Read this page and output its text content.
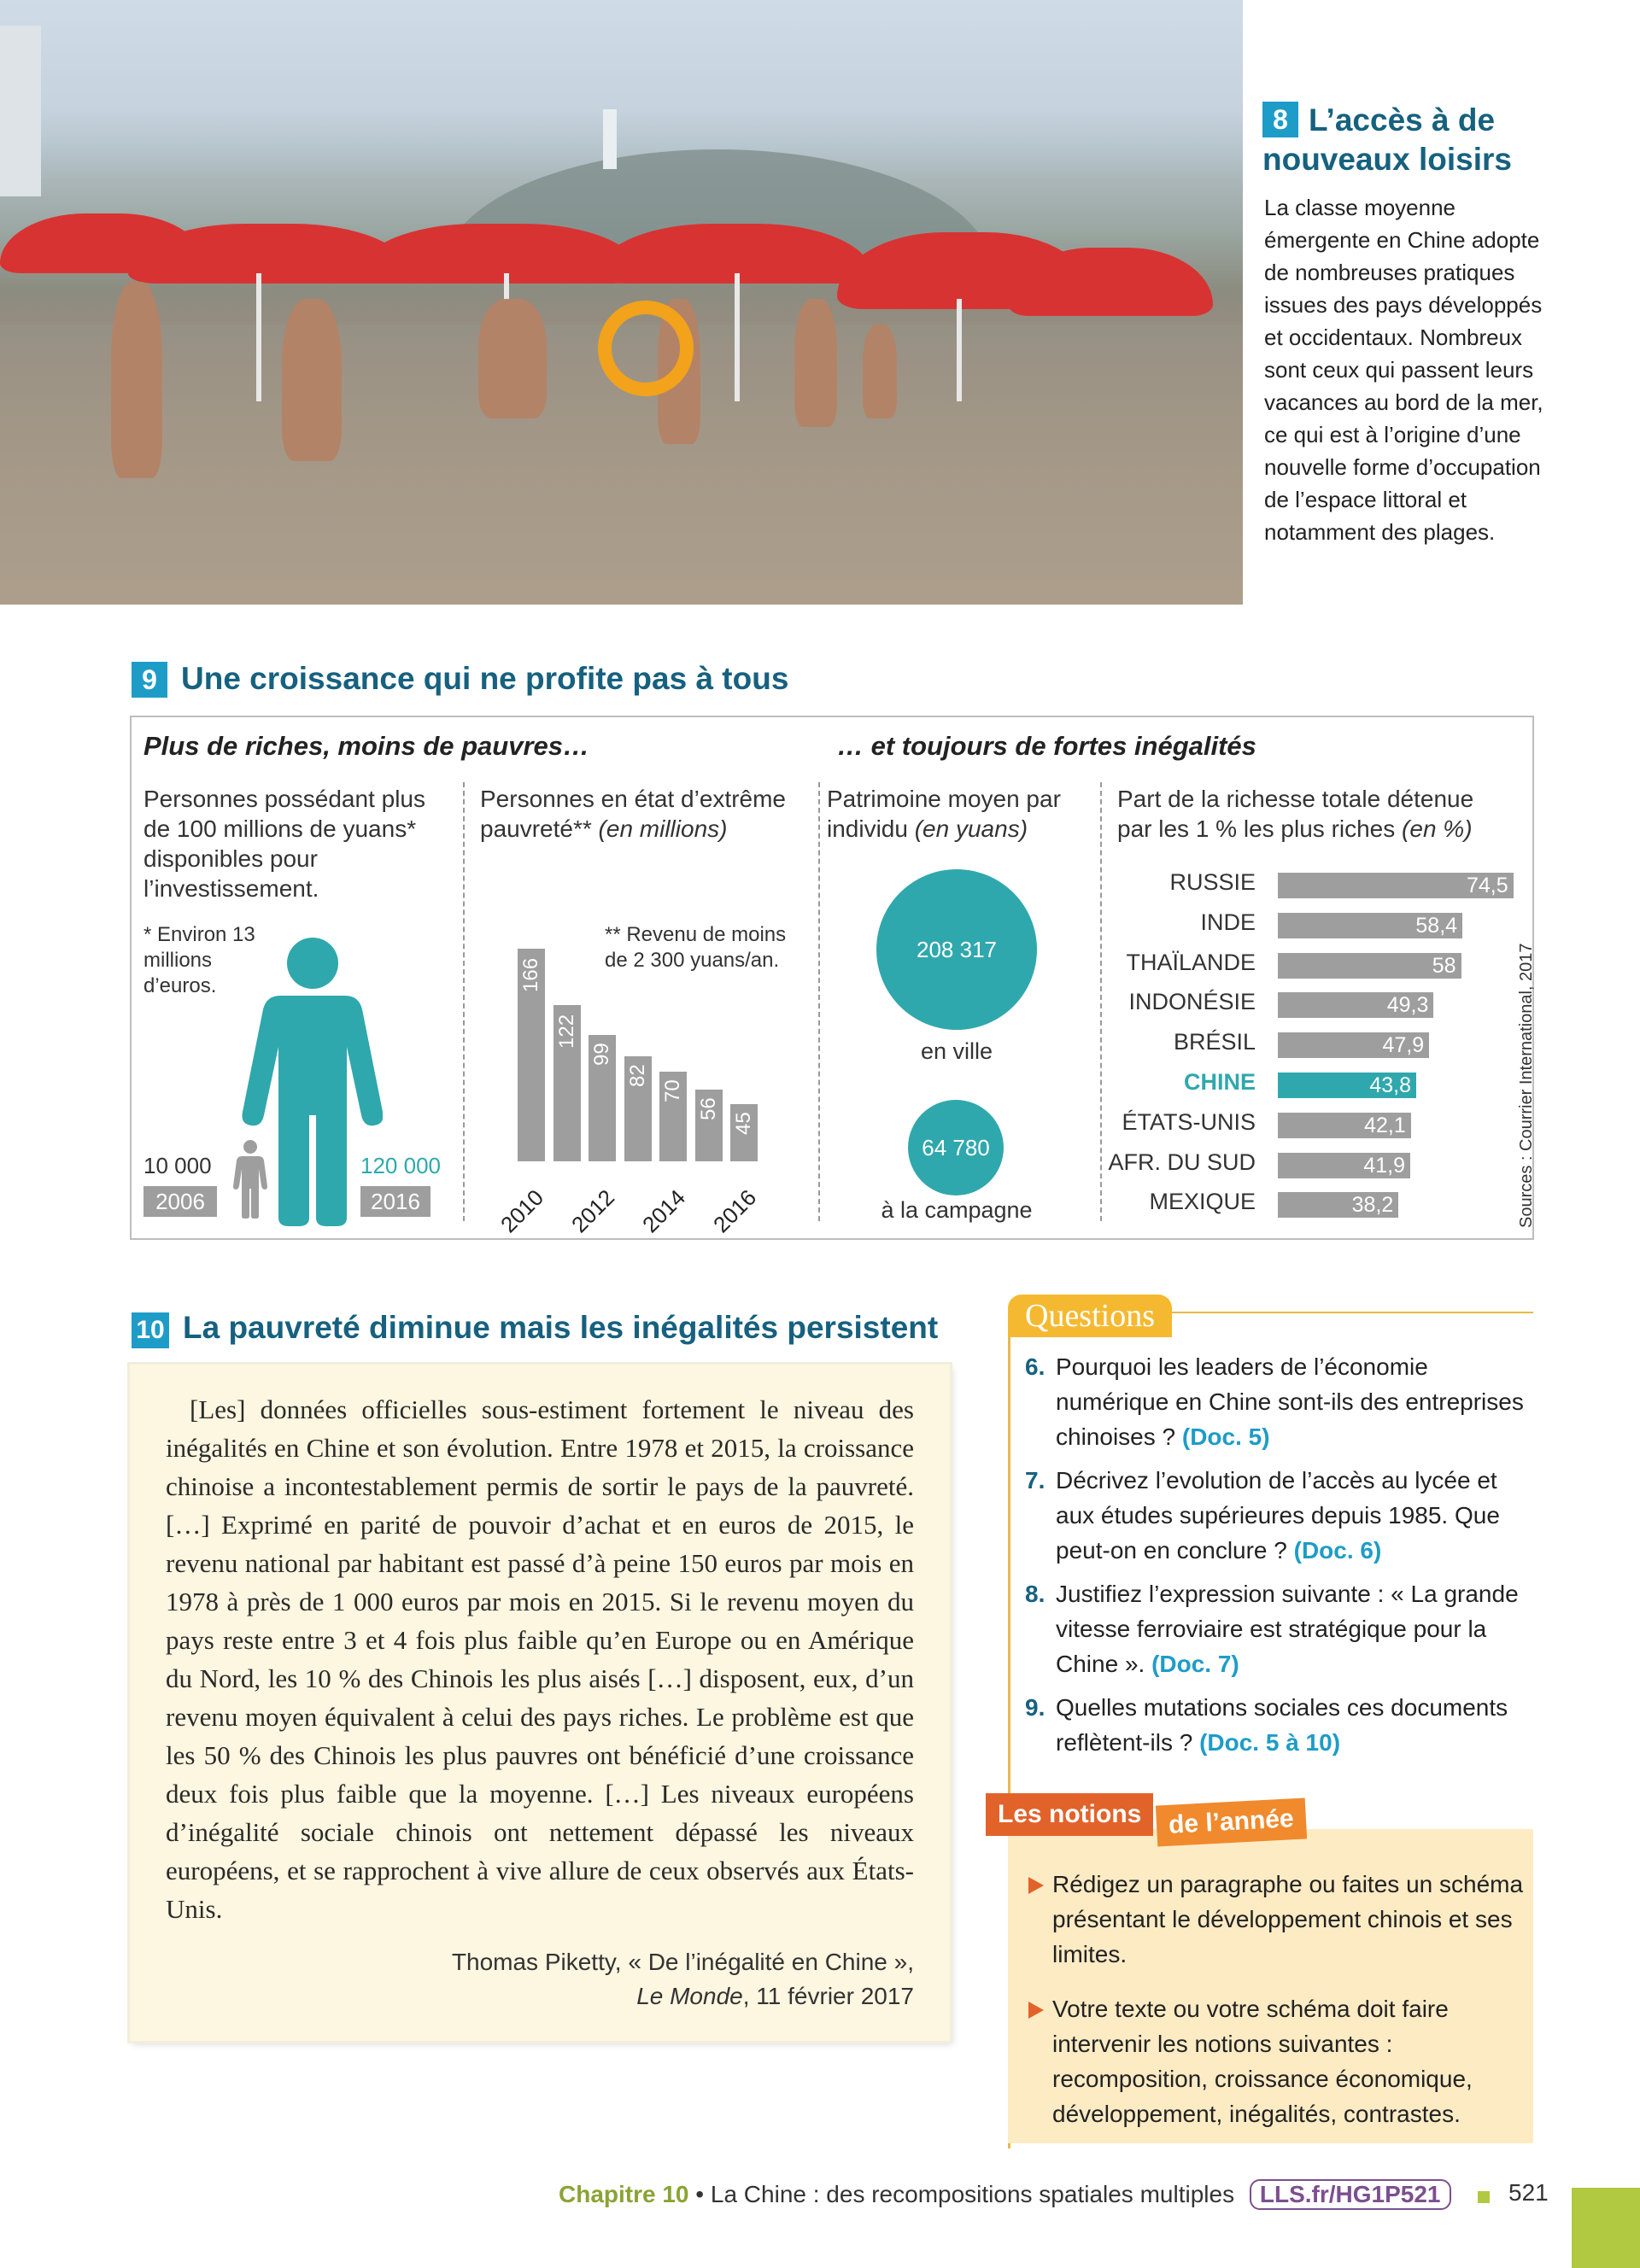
8 L’accès à de nouveaux loisirs
La classe moyenne émergente en Chine adopte de nombreuses pratiques issues des pays développés et occidentaux. Nombreux sont ceux qui passent leurs vacances au bord de la mer, ce qui est à l’origine d’une nouvelle forme d’occupation de l’espace littoral et notamment des plages.
9 Une croissance qui ne profite pas à tous
Plus de riches, moins de pauvres…	… et toujours de fortes inégalités
Personnes possédant plus de 100 millions de yuans* disponibles pour l’investissement.
Personnes en état d’extrême pauvreté** (en millions)
Patrimoine moyen par individu (en yuans)
Part de la richesse totale détenue par les 1 % les plus riches (en %)
* Environ 13 millions d’euros.
10 000	120 000
2006	2016
** Revenu de moins de 2 300 yuans/an.
166
122
99
82
70
56
45
2010 2012 2014 2016
208 317
en ville
64 780
à la campagne
RUSSIE	74,5
INDE	58,4
THAÏLANDE	58
INDONÉSIE	49,3
BRÉSIL	47,9
CHINE	43,8
ÉTATS-UNIS	42,1
AFR. DU SUD	41,9
MEXIQUE	38,2	Sources : Courrier International, 2017
10 La pauvreté diminue mais les inégalités persistent
[Les] données officielles sous-estiment fortement le niveau des inégalités en Chine et son évolution. Entre 1978 et 2015, la croissance chinoise a incontestablement permis de sortir le pays de la pauvreté. […] Exprimé en parité de pouvoir d’achat et en euros de 2015, le revenu national par habitant est passé d’à peine 150 euros par mois en 1978 à près de 1 000 euros par mois en 2015. Si le revenu moyen du pays reste entre 3 et 4 fois plus faible qu’en Europe ou en Amérique du Nord, les 10 % des Chinois les plus aisés […] disposent, eux, d’un revenu moyen équivalent à celui des pays riches. Le problème est que les 50 % des Chinois les plus pauvres ont bénéficié d’une croissance deux fois plus faible que la moyenne. […] Les niveaux européens d’inégalité sociale chinois ont nettement dépassé les niveaux européens, et se rapprochent à vive allure de ceux observés aux États-Unis.
Thomas Piketty, « De l’inégalité en Chine »,
Le Monde, 11 février 2017
Questions
6. Pourquoi les leaders de l’économie numérique en Chine sont-ils des entreprises chinoises ? (Doc. 5)
7. Décrivez l’evolution de l’accès au lycée et aux études supérieures depuis 1985. Que peut-on en conclure ? (Doc. 6)
8. Justifiez l’expression suivante : « La grande vitesse ferroviaire est stratégique pour la Chine ». (Doc. 7)
9. Quelles mutations sociales ces documents reflètent-ils ? (Doc. 5 à 10)
Les notions	de l’année
Rédigez un paragraphe ou faites un schéma présentant le développement chinois et ses limites.
Votre texte ou votre schéma doit faire intervenir les notions suivantes : recomposition, croissance économique, développement, inégalités, contrastes.
Chapitre 10 • La Chine : des recompositions spatiales multiples LLS.fr/HG1P521	521
